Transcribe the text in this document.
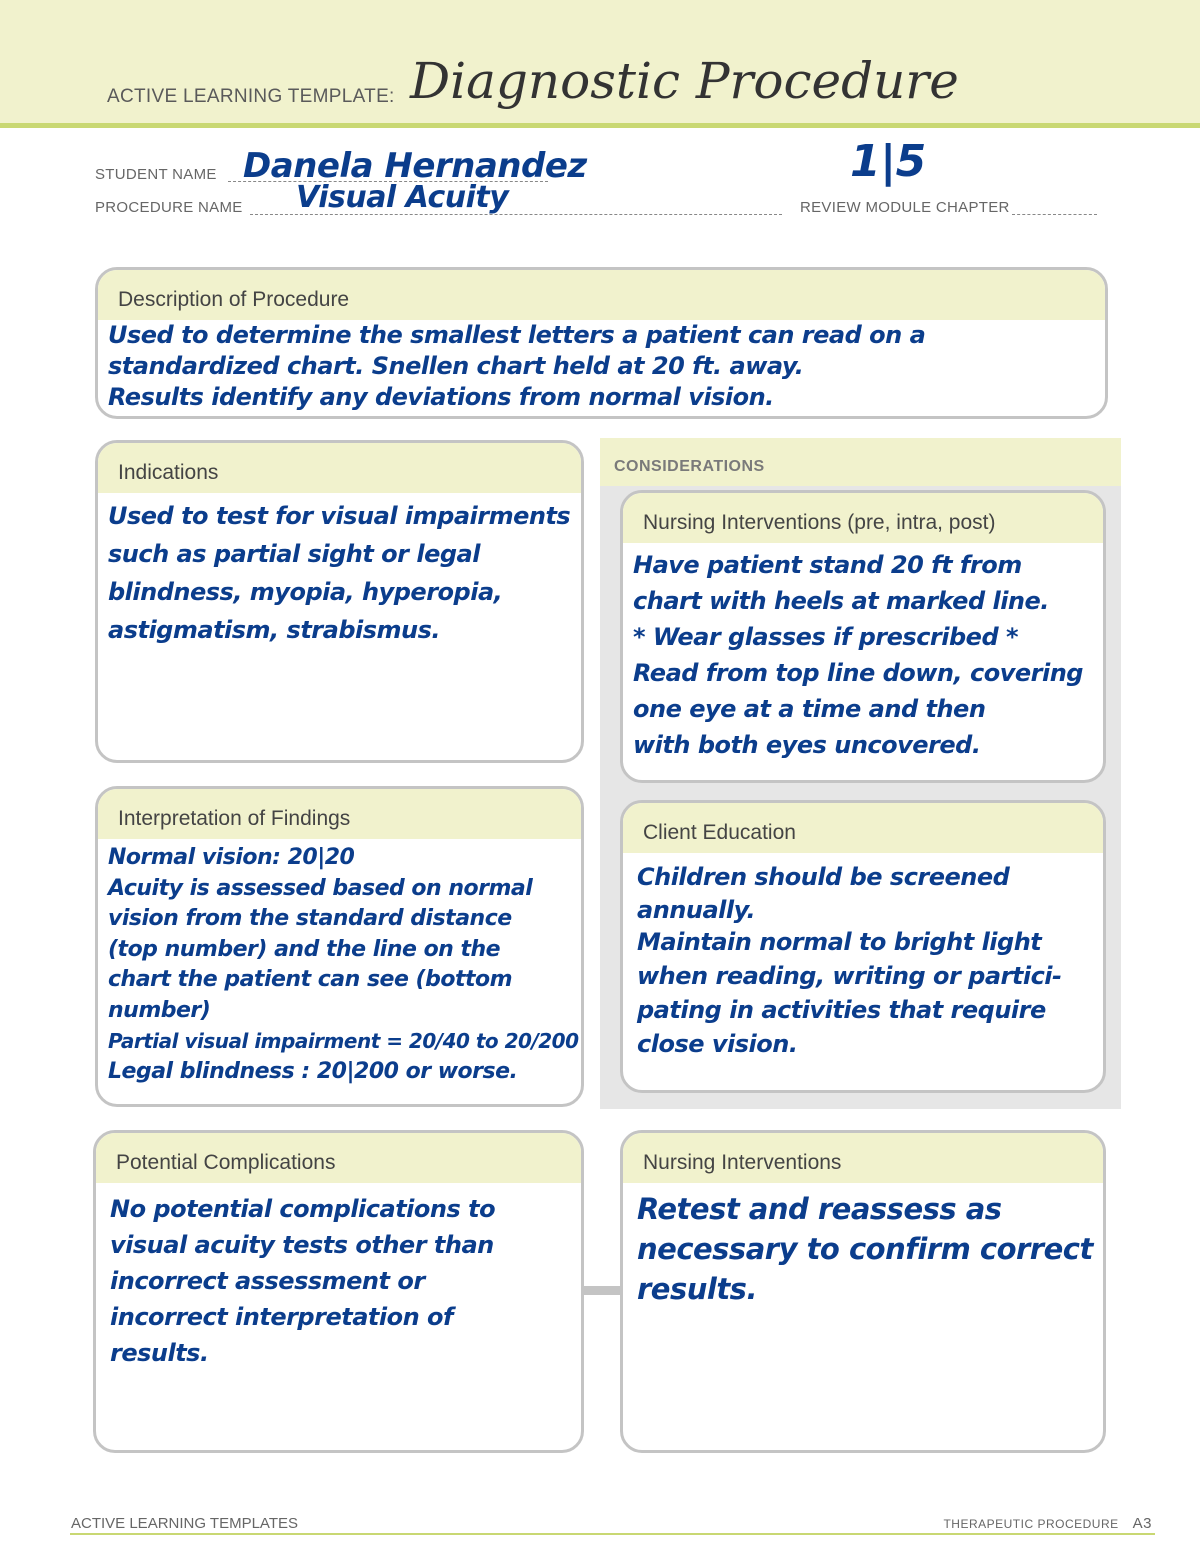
ACTIVE LEARNING TEMPLATE: Diagnostic Procedure
STUDENT NAME Danela Hernandez
PROCEDURE NAME Visual Acuity	REVIEW MODULE CHAPTER
1|5
Description of Procedure
Used to determine the smallest letters a patient can read on a
standardized chart. Snellen chart held at 20 ft. away.
Results identify any deviations from normal vision.
Indications
Used to test for visual impairments
such as partial sight or legal
blindness, myopia, hyperopia,
astigmatism, strabismus.
CONSIDERATIONS
Nursing Interventions (pre, intra, post)
Have patient stand 20 ft from
chart with heels at marked line.
* Wear glasses if prescribed *
Read from top line down, covering
one eye at a time and then
with both eyes uncovered.
Interpretation of Findings
Normal vision: 20|20
Acuity is assessed based on normal
vision from the standard distance
(top number) and the line on the
chart the patient can see (bottom
number)
Partial visual impairment = 20/40 to 20/200
Legal blindness : 20|200 or worse.
Client Education
Children should be screened
annually.
Maintain normal to bright light
when reading, writing or partici-
pating in activities that require
close vision.
Potential Complications
No potential complications to
visual acuity tests other than
incorrect assessment or
incorrect interpretation of
results.
Nursing Interventions
Retest and reassess as
necessary to confirm correct
results.
ACTIVE LEARNING TEMPLATES	THERAPEUTIC PROCEDURE A3
